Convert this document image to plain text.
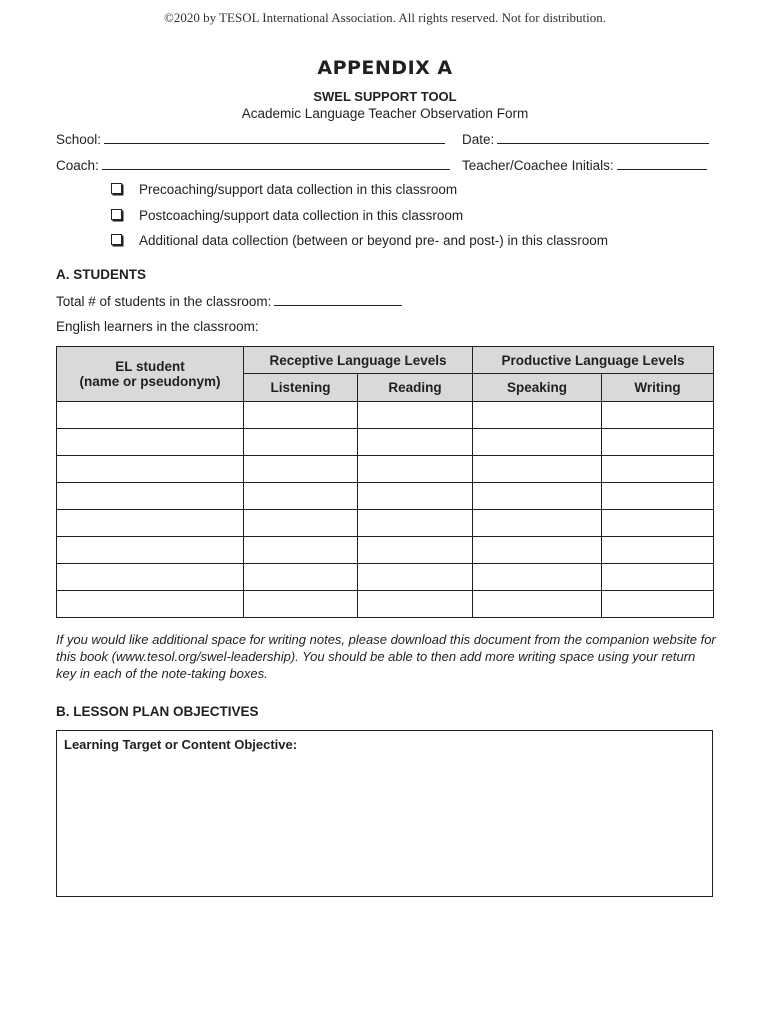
©2020 by TESOL International Association. All rights reserved. Not for distribution.
APPENDIX A
SWEL SUPPORT TOOL
Academic Language Teacher Observation Form
School:	Date:
Coach:	Teacher/Coachee Initials:
Precoaching/support data collection in this classroom
Postcoaching/support data collection in this classroom
Additional data collection (between or beyond pre- and post-) in this classroom
A. STUDENTS
Total # of students in the classroom:
English learners in the classroom:
EL student
(name or pseudonym)	Receptive Language Levels		Productive Language Levels	
	Listening	Reading	Speaking	Writing

If you would like additional space for writing notes, please download this document from the companion website for this book (www.tesol.org/swel-leadership). You should be able to then add more writing space using your return key in each of the note-taking boxes.
B. LESSON PLAN OBJECTIVES
Learning Target or Content Objective:
